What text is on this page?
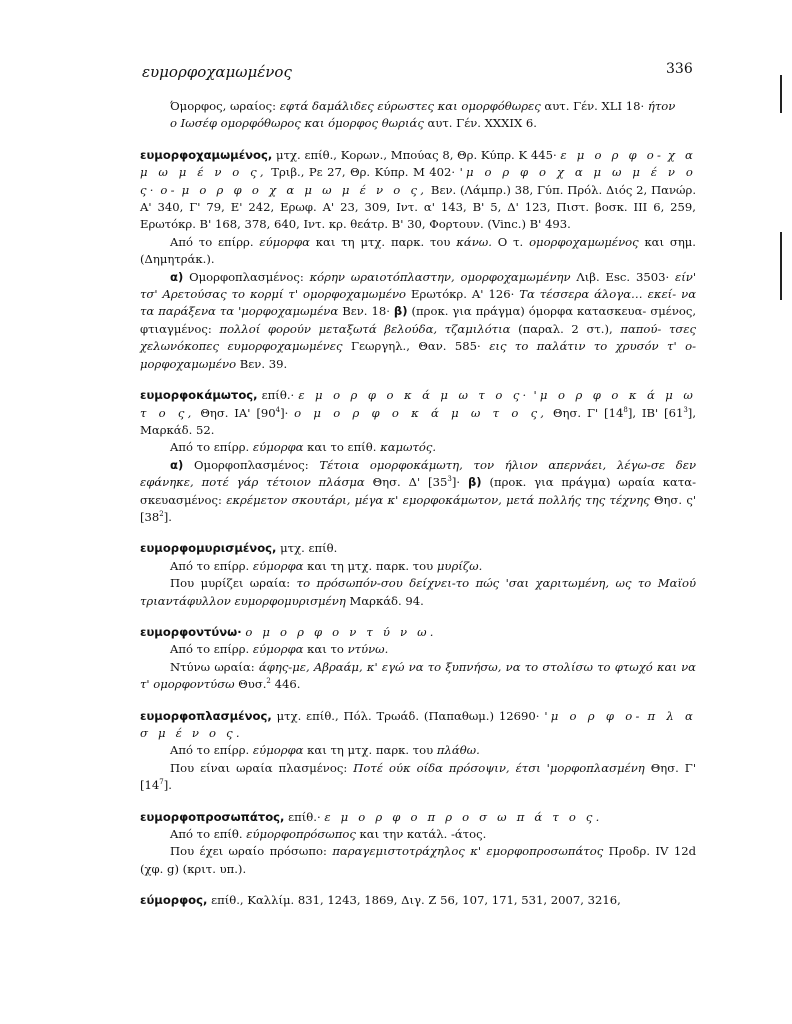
ευμορφοχαμωμένος	336

Όμορφος, ωραίος: εφτά δαμάλιδες εύρωστες και ομορφόθωρες αυτ. Γέν. XLI 18· ήτον
ο Ιωσέφ ομορφόθωρος και όμορφος θωριάς αυτ. Γέν. XXXIX 6.

ευμορφοχαμωμένος, μτχ. επίθ., Κορων., Μπούας 8, Θρ. Κύπρ. Κ 445· ε μ ο ρ φ ο- χ α μ ω μ έ ν ο ς, Τριβ., Ρε 27, Θρ. Κύπρ. Μ 402· 'μ ο ρ φ ο χ α μ ω μ έ ν ο ς· ο- μ ο ρ φ ο χ α μ ω μ έ ν ο ς, Βεν. (Λάμπρ.) 38, Γύπ. Πρόλ. Διός 2, Πανώρ. Α' 340, Γ' 79, Ε' 242, Ερωφ. Α' 23, 309, Ιντ. α' 143, Β' 5, Δ' 123, Πιστ. βοσκ. III 6, 259, Ερωτόκρ. Β' 168, 378, 640, Ιντ. κρ. θεάτρ. Β' 30, Φορτουν. (Vinc.) Β' 493.

Από το επίρρ. εύμορφα και τη μτχ. παρκ. του κάνω. Ο τ. ομορφοχαμωμένος και σημ. (Δημητράκ.).

α) Ομορφοπλασμένος: κόρην ωραιοτόπλαστην, ομορφοχαμωμένην Λιβ. Esc. 3503· είν' τσ' Αρετούσας το κορμί τ' ομορφοχαμωμένο Ερωτόκρ. Α' 126· Τα τέσσερα άλογα… εκεί- να τα παράξενα τα 'μορφοχαμωμένα Βεν. 18· β) (προκ. για πράγμα) όμορφα κατασκευα- σμένος, φτιαγμένος: πολλοί φορούν μεταξωτά βελούδα, τζαμιλότια (παραλ. 2 στ.), παπού- τσες χελωνόκοπες ευμορφοχαμωμένες Γεωργηλ., Θαν. 585· εις το παλάτιν το χρυσόν τ' ο- μορφοχαμωμένο Βεν. 39.

ευμορφοκάμωτος, επίθ.· ε μ ο ρ φ ο κ ά μ ω τ ο ς· 'μ ο ρ φ ο κ ά μ ω τ ο ς, Θησ. ΙΑ' $[90^4]\cdot o$ μ ο ρ φ ο κ ά μ ω τ ο ς, Θησ. Γ' $[14^8]$, ΙΒ' $[61^3]$, Μαρκάδ. 52.

Από το επίρρ. εύμορφα και το επίθ. καμωτός.

α) Ομορφοπλασμένος: Τέτοια ομορφοκάμωτη, τον ήλιον απερνάει, λέγω-σε δεν εφάνηκε, ποτέ γάρ τέτοιον πλάσμα Θησ. Δ' $[35^3]\cdot \beta$) (προκ. για πράγμα) ωραία κατα- σκευασμένος: εκρέμετον σκουτάρι, μέγα κ' εμορφοκάμωτον, μετά πολλής της τέχνης Θησ. ς' $[38^2]$.

ευμορφομυρισμένος, μτχ. επίθ.

Από το επίρρ. εύμορφα και τη μτχ. παρκ. του μυρίζω.

Που μυρίζει ωραία: το πρόσωπόν-σου δείχνει-το πώς 'σαι χαριτωμένη, ως το Μαϊού τριαντάφυλλον ευμορφομυρισμένη Μαρκάδ. 94.

ευμορφοντύνω· ο μ ο ρ φ ο ν τ ύ ν ω.

Από το επίρρ. εύμορφα και το ντύνω.

Ντύνω ωραία: άφης-με, Αβραάμ, κ' εγώ να το ξυπνήσω, να το στολίσω το φτωχό και να τ' ομορφοντύσω Θυσ.$^2$ 446.

ευμορφοπλασμένος, μτχ. επίθ., Πόλ. Τρωάδ. (Παπαθωμ.) 12690· 'μ ο ρ φ ο- π λ α σ μ έ ν ο ς.

Από το επίρρ. εύμορφα και τη μτχ. παρκ. του πλάθω.

Που είναι ωραία πλασμένος: Ποτέ ούκ οίδα πρόσοψιν, έτσι 'μορφοπλασμένη Θησ. Γ' $[14^7]$.

ευμορφοπροσωπάτος, επίθ.· ε μ ο ρ φ ο π ρ ο σ ω π ά τ ο ς.

Από το επίθ. εύμορφοπρόσωπος και την κατάλ. -άτος.

Που έχει ωραίο πρόσωπο: παραγεμιστοτράχηλος κ' εμορφοπροσωπάτος Προδρ. IV 12d (χφ. g) (κριτ. υπ.).

εύμορφος, επίθ., Καλλίμ. 831, 1243, 1869, Διγ. Ζ 56, 107, 171, 531, 2007, 3216,
